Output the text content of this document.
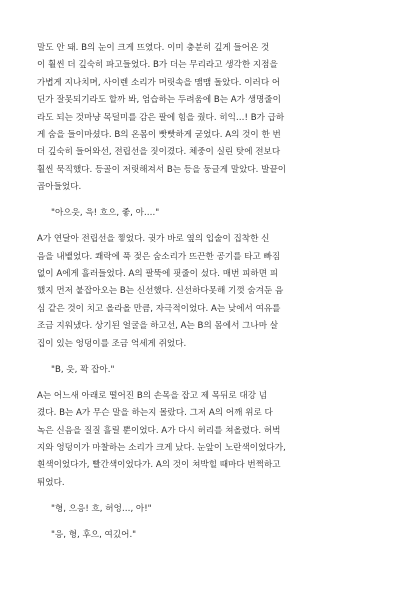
말도 안 돼. B의 눈이 크게 뜨였다. 이미 충분히 깊게 들어온 것
이 훨씬 더 깊숙히 파고들었다. B가 더는 무리라고 생각한 지점을
가볍게 지나치며, 사이렌 소리가 머릿속을 맴맴 돌았다. 이러다 어
딘가 잘못되기라도 할까 봐, 엄습하는 두려움에 B는 A가 생명줄이
라도 되는 것마냥 목덜미를 감은 팔에 힘을 줬다. 히익…! B가 급하
게 숨을 들이마셨다. B의 온몸이 빳빳하게 굳었다. A의 것이 한 번
더 깊숙히 들어와선, 전립선을 짓이겼다. 체중이 실린 탓에 전보다
훨씬 묵직했다. 등골이 저릿해져서 B는 등을 둥글게 말았다. 발끝이
곱아들었다.
"아으읏, 윽! 흐으, 좋, 아…."
A가 연달아 전립선을 찧었다. 귓가 바로 옆의 입술이 집착한 신
음을 내뱉었다. 쾌락에 푹 젖은 숨소리가 뜨끈한 공기를 타고 빠짐
없이 A에게 흘러들었다. A의 팔뚝에 핏줄이 섰다. 매번 피하면 피
했지 먼저 붙잡아오는 B는 신선했다. 신선하다못해 기껏 숨겨둔 음
심 같은 것이 치고 올라올 만큼, 자극적이었다. A는 낮에서 여유를
조금 지워냈다. 상기된 얼굴을 하고선, A는 B의 몸에서 그나마 살
집이 있는 엉덩이를 조금 억세게 쥐었다.
"B, 읏, 꽉 잡아."
A는 어느새 아래로 떨어진 B의 손목을 잡고 제 목뒤로 대강 넘
겼다. B는 A가 무슨 말을 하는지 몰랐다. 그저 A의 어깨 위로 다
녹은 신음을 질질 흘릴 뿐이었다. A가 다시 허리를 쳐올렸다. 허벅
지와 엉덩이가 마찰하는 소리가 크게 났다. 눈앞이 노란색이었다가,
흰색이었다가, 빨간색이었다가. A의 것이 쳐박힐 때마다 번쩍하고
튀었다.
"형, 으응! 흐, 허엉…, 아!"
"응, 형, 후으, 여깄어."
